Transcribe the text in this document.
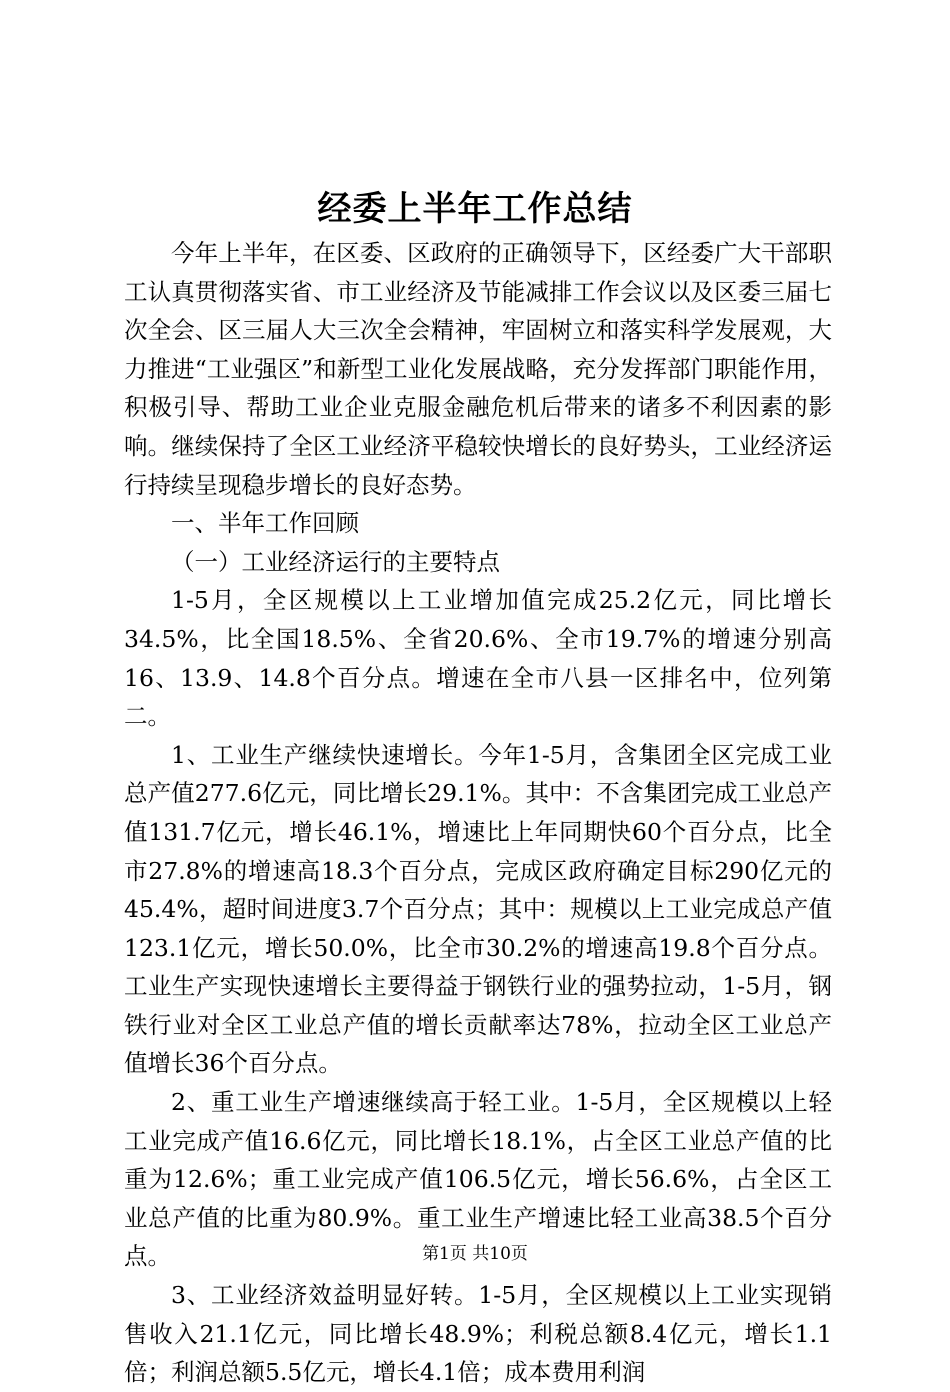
经委上半年工作总结

今年上半年，在区委、区政府的正确领导下，区经委广大干部职工认真贯彻落实省、市工业经济及节能减排工作会议以及区委三届七次全会、区三届人大三次全会精神，牢固树立和落实科学发展观，大力推进“工业强区”和新型工业化发展战略，充分发挥部门职能作用，积极引导、帮助工业企业克服金融危机后带来的诸多不利因素的影响。继续保持了全区工业经济平稳较快增长的良好势头，工业经济运行持续呈现稳步增长的良好态势。

一、半年工作回顾

（一）工业经济运行的主要特点

1-5月，全区规模以上工业增加值完成25.2亿元，同比增长34.5%，比全国18.5%、全省20.6%、全市19.7%的增速分别高16、13.9、14.8个百分点。增速在全市八县一区排名中，位列第二。

1、工业生产继续快速增长。今年1-5月，含集团全区完成工业总产值277.6亿元，同比增长29.1%。其中：不含集团完成工业总产值131.7亿元，增长46.1%，增速比上年同期快60个百分点，比全市27.8%的增速高18.3个百分点，完成区政府确定目标290亿元的45.4%，超时间进度3.7个百分点；其中：规模以上工业完成总产值123.1亿元，增长50.0%，比全市30.2%的增速高19.8个百分点。工业生产实现快速增长主要得益于钢铁行业的强势拉动，1-5月，钢铁行业对全区工业总产值的增长贡献率达78%，拉动全区工业总产值增长36个百分点。

2、重工业生产增速继续高于轻工业。1-5月，全区规模以上轻工业完成产值16.6亿元，同比增长18.1%，占全区工业总产值的比重为12.6%；重工业完成产值106.5亿元，增长56.6%，占全区工业总产值的比重为80.9%。重工业生产增速比轻工业高38.5个百分点。

3、工业经济效益明显好转。1-5月，全区规模以上工业实现销售收入21.1亿元，同比增长48.9%；利税总额8.4亿元，增长1.1倍；利润总额5.5亿元，增长4.1倍；成本费用利润

第1页 共10页
